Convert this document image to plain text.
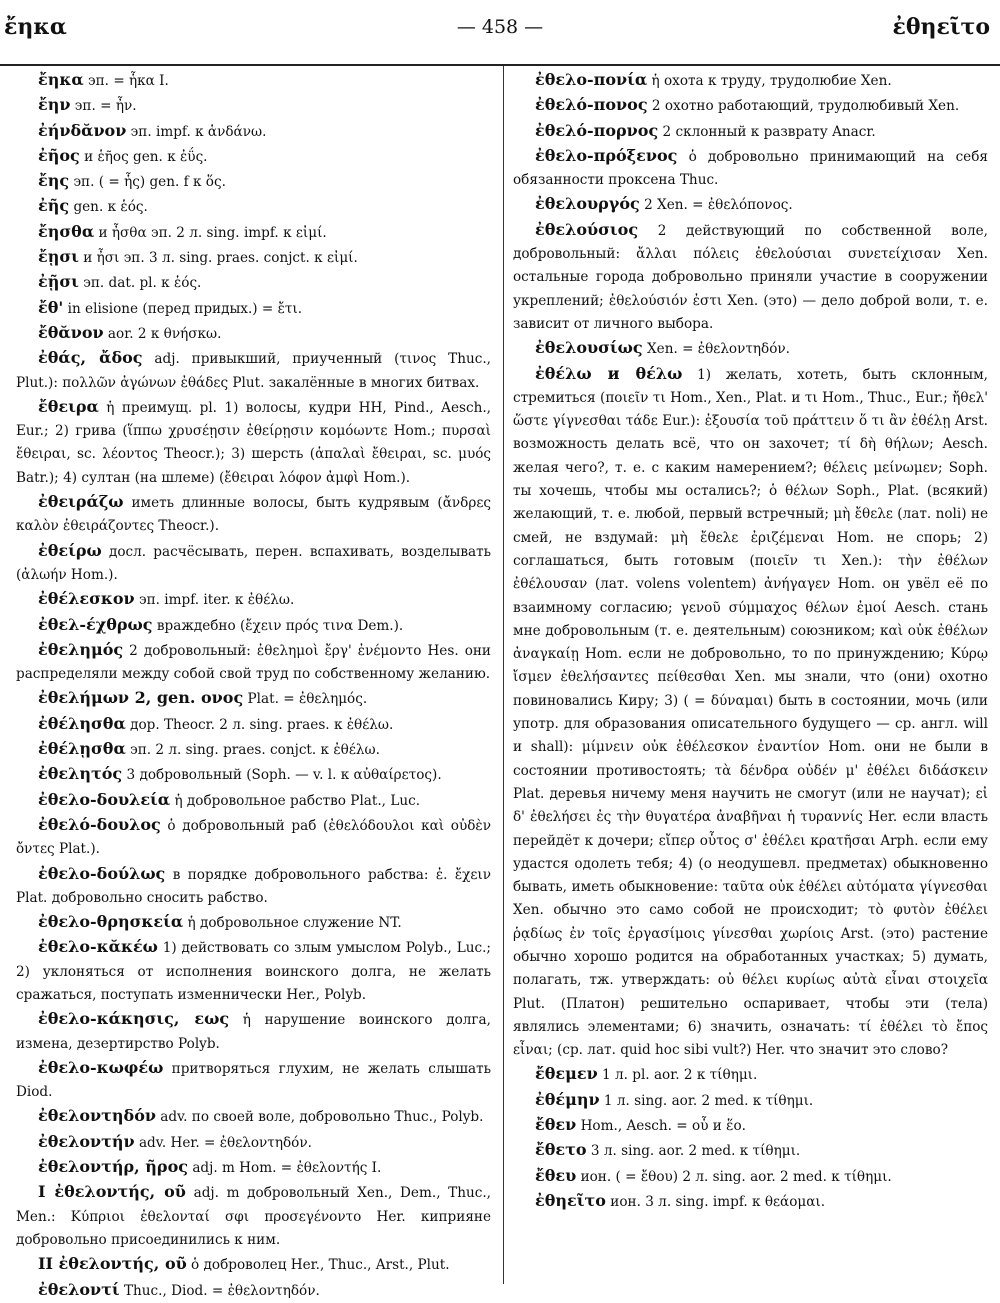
ἔηκα	— 458 —	ἐθηεῖτο

ἔηκα эп. = ἧκα I.

ἔην эп. = ἦν.

ἐήνδᾰνον эп. impf. к ἁνδάνω.

ἐῆος и ἑῆος gen. к ἐΰς.

ἔης эп. ( = ἧς) gen. f к ὅς.

ἐῆς gen. к ἑός.

ἔησθα и ἦσθα эп. 2 л. sing. impf. к εἰμί.

ἔῃσι и ἦσι эп. 3 л. sing. praes. conjct. к εἰμί.

ἐῇσι эп. dat. pl. к ἑός.

ἔθ' in elisione (перед придых.) = ἔτι.

ἔθᾰνον aor. 2 к θνήσκω.

ἐθάς, ἄδος adj. привыкший, приученный (τινος Thuc., Plut.): πολλῶν ἀγώνων ἐθάδες Plut. закалённые в многих битвах.

ἔθειρα ἡ преимущ. pl. 1) волосы, кудри HH, Pind., Aesch., Eur.; 2) грива (ἵππω χρυσέῃσιν ἐθείρῃσιν κομόωντε Hom.; πυρσαὶ ἔθειραι, sc. λέοντος Theocr.); 3) шерсть (ἁπαλαὶ ἔθειραι, sc. μυός Batr.); 4) султан (на шлеме) (ἔθειραι λόφον ἀμφὶ Hom.).

ἐθειράζω иметь длинные волосы, быть кудрявым (ἄνδρες καλὸν ἐθειράζοντες Theocr.).

ἐθείρω досл. расчёсывать, перен. вспахивать, возделывать (ἀλωήν Hom.).

ἐθέλεσκον эп. impf. iter. к ἐθέλω.

ἐθελ-έχθρως враждебно (ἔχειν πρός τινα Dem.).

ἐθελημός 2 добровольный: ἐθελημοὶ ἔργ' ἐνέμοντο Hes. они распределяли между собой свой труд по собственному желанию.

ἐθελήμων 2, gen. ονος Plat. = ἐθελημός.

ἐθέλησθα дор. Theocr. 2 л. sing. praes. к ἐθέλω.

ἐθέλῃσθα эп. 2 л. sing. praes. conjct. к ἐθέλω.

ἐθελητός 3 добровольный (Soph. — v. l. к αὐθαίρετος).

ἐθελο-δουλεία ἡ добровольное рабство Plat., Luc.

ἐθελό-δουλος ὁ добровольный раб (ἐθελόδουλοι καὶ οὐδὲν ὄντες Plat.).

ἐθελο-δούλως в порядке добровольного рабства: ἐ. ἔχειν Plat. добровольно сносить рабство.

ἐθελο-θρησκεία ἡ добровольное служение NT.

ἐθελο-κᾰκέω 1) действовать со злым умыслом Polyb., Luc.; 2) уклоняться от исполнения воинского долга, не желать сражаться, поступать изменнически Her., Polyb.

ἐθελο-κάκησις, εως ἡ нарушение воинского долга, измена, дезертирство Polyb.

ἐθελο-κωφέω притворяться глухим, не желать слышать Diod.

ἐθελοντηδόν adv. по своей воле, добровольно Thuc., Polyb.

ἐθελοντήν adv. Her. = ἐθελοντηδόν.

ἐθελοντήρ, ῆρος adj. m Hom. = ἐθελοντής I.

I ἐθελοντής, οῦ adj. m добровольный Xen., Dem., Thuc., Men.: Κύπριοι ἐθελονταί σφι προσεγένοντο Her. киприяне добровольно присоединились к ним.

II ἐθελοντής, οῦ ὁ доброволец Her., Thuc., Arst., Plut.

ἐθελοντί Thuc., Diod. = ἐθελοντηδόν.

ἐθελο-πονία ἡ охота к труду, трудолюбие Xen.

ἐθελό-πονος 2 охотно работающий, трудолюбивый Xen.

ἐθελό-πορνος 2 склонный к разврату Anacr.

ἐθελο-πρόξενος ὁ добровольно принимающий на себя обязанности проксена Thuc.

ἐθελουργός 2 Xen. = ἐθελόπονος.

ἐθελούσιος 2 действующий по собственной воле, добровольный: ἄλλαι πόλεις ἐθελούσιαι συνετείχισαν Xen. остальные города добровольно приняли участие в сооружении укреплений; ἐθελούσιόν ἐστι Xen. (это) — дело доброй воли, т. е. зависит от личного выбора.

ἐθελουσίως Xen. = ἐθελοντηδόν.

ἐθέλω и θέλω 1) желать, хотеть, быть склонным, стремиться (ποιεῖν τι Hom., Xen., Plat. и τι Hom., Thuc., Eur.; ἤθελ' ὥστε γίγνεσθαι τάδε Eur.): ἐξουσία τοῦ πράττειν ὅ τι ἂν ἐθέλῃ Arst. возможность делать всё, что он захочет; τί δὴ θήλων; Aesch. желая чего?, т. е. с каким намерением?; θέλεις μείνωμεν; Soph. ты хочешь, чтобы мы остались?; ὁ θέλων Soph., Plat. (всякий) желающий, т. е. любой, первый встречный; μὴ ἔθελε (лат. noli) не смей, не вздумай: μὴ ἔθελε ἐριζέμεναι Hom. не спорь; 2) соглашаться, быть готовым (ποιεῖν τι Xen.): τὴν ἐθέλων ἐθέλουσαν (лат. volens volentem) ἀνήγαγεν Hom. он увёл её по взаимному согласию; γενοῦ σύμμαχος θέλων ἐμοί Aesch. стань мне добровольным (т. е. деятельным) союзником; καὶ οὐκ ἐθέλων ἀναγκαίῃ Hom. если не добровольно, то по принуждению; Κύρῳ ἴσμεν ἐθελήσαντες πείθεσθαι Xen. мы знали, что (они) охотно повиновались Киру; 3) ( = δύναμαι) быть в состоянии, мочь (или употр. для образования описательного будущего — ср. англ. will и shall): μίμνειν οὐκ ἐθέλεσκον ἐναντίον Hom. они не были в состоянии противостоять; τὰ δένδρα οὐδέν μ' ἐθέλει διδάσκειν Plat. деревья ничему меня научить не смогут (или не научат); εἰ δ' ἐθελήσει ἐς τὴν θυγατέρα ἀναβῆναι ἡ τυραννίς Her. если власть перейдёт к дочери; εἴπερ οὗτος σ' ἐθέλει κρατῆσαι Arph. если ему удастся одолеть тебя; 4) (о неодушевл. предметах) обыкновенно бывать, иметь обыкновение: ταῦτα οὐκ ἐθέλει αὐτόματα γίγνεσθαι Xen. обычно это само собой не происходит; τὸ φυτὸν ἐθέλει ῥᾳδίως ἐν τοῖς ἐργασίμοις γίνεσθαι χωρίοις Arst. (это) растение обычно хорошо родится на обработанных участках; 5) думать, полагать, тж. утверждать: οὐ θέλει κυρίως αὐτὰ εἶναι στοιχεῖα Plut. (Платон) решительно оспаривает, чтобы эти (тела) являлись элементами; 6) значить, означать: τί ἐθέλει τὸ ἔπος εἶναι; (ср. лат. quid hoc sibi vult?) Her. что значит это слово?

ἔθεμεν 1 л. pl. aor. 2 к τίθημι.

ἐθέμην 1 л. sing. aor. 2 med. к τίθημι.

ἔθεν Hom., Aesch. = οὗ и ἕο.

ἔθετο 3 л. sing. aor. 2 med. к τίθημι.

ἔθευ ион. ( = ἔθου) 2 л. sing. aor. 2 med. к τίθημι.

ἐθηεῖτο ион. 3 л. sing. impf. к θεάομαι.
